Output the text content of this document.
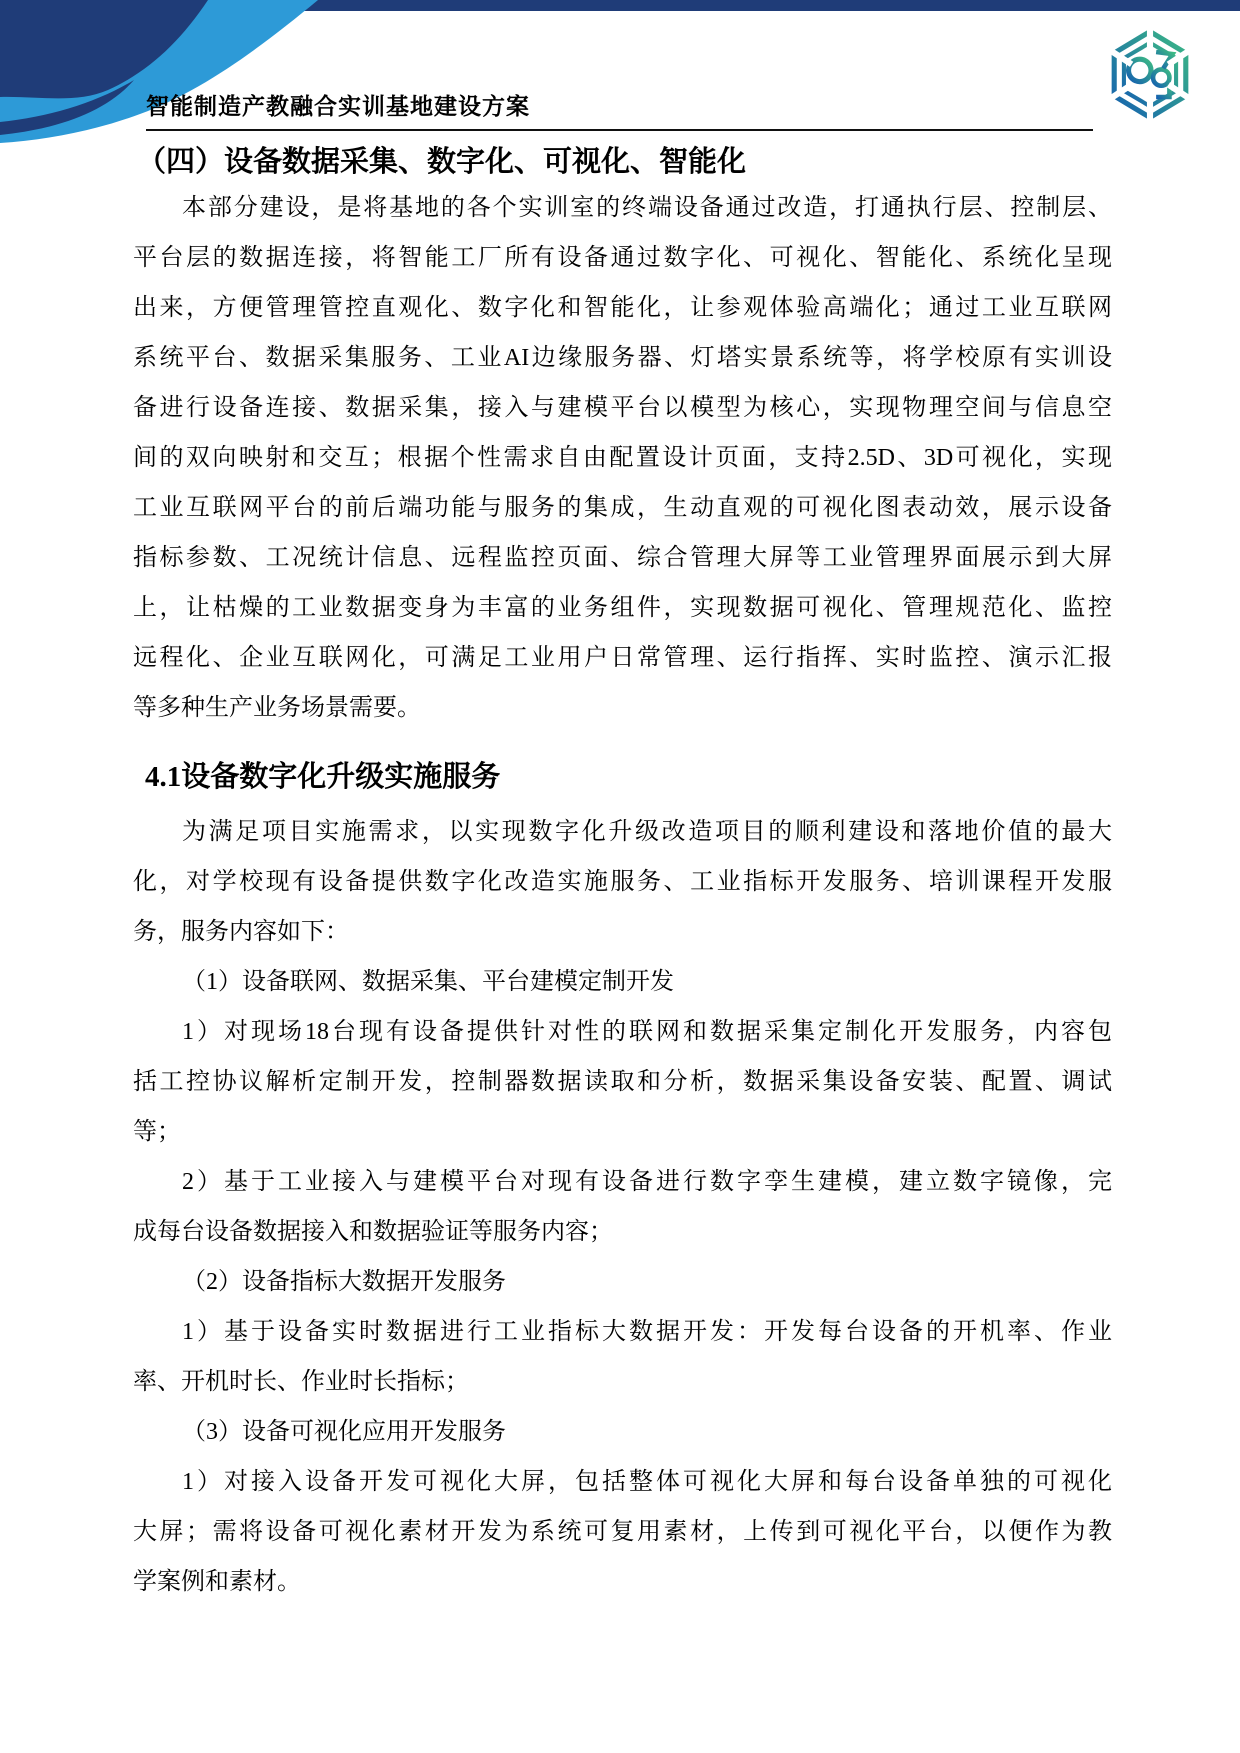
智能制造产教融合实训基地建设方案
（四）设备数据采集、数字化、可视化、智能化
本部分建设，是将基地的各个实训室的终端设备通过改造，打通执行层、控制层、
平台层的数据连接，将智能工厂所有设备通过数字化、可视化、智能化、系统化呈现
出来，方便管理管控直观化、数字化和智能化，让参观体验高端化；通过工业互联网
系统平台、数据采集服务、工业AI边缘服务器、灯塔实景系统等，将学校原有实训设
备进行设备连接、数据采集，接入与建模平台以模型为核心，实现物理空间与信息空
间的双向映射和交互；根据个性需求自由配置设计页面，支持2.5D、3D可视化，实现
工业互联网平台的前后端功能与服务的集成，生动直观的可视化图表动效，展示设备
指标参数、工况统计信息、远程监控页面、综合管理大屏等工业管理界面展示到大屏
上，让枯燥的工业数据变身为丰富的业务组件，实现数据可视化、管理规范化、监控
远程化、企业互联网化，可满足工业用户日常管理、运行指挥、实时监控、演示汇报
等多种生产业务场景需要。
4.1设备数字化升级实施服务
为满足项目实施需求，以实现数字化升级改造项目的顺利建设和落地价值的最大
化，对学校现有设备提供数字化改造实施服务、工业指标开发服务、培训课程开发服
务，服务内容如下：
（1）设备联网、数据采集、平台建模定制开发
1）对现场18台现有设备提供针对性的联网和数据采集定制化开发服务，内容包
括工控协议解析定制开发，控制器数据读取和分析，数据采集设备安装、配置、调试
等；
2）基于工业接入与建模平台对现有设备进行数字孪生建模，建立数字镜像，完
成每台设备数据接入和数据验证等服务内容；
（2）设备指标大数据开发服务
1）基于设备实时数据进行工业指标大数据开发：开发每台设备的开机率、作业
率、开机时长、作业时长指标；
（3）设备可视化应用开发服务
1）对接入设备开发可视化大屏，包括整体可视化大屏和每台设备单独的可视化
大屏；需将设备可视化素材开发为系统可复用素材，上传到可视化平台，以便作为教
学案例和素材。
